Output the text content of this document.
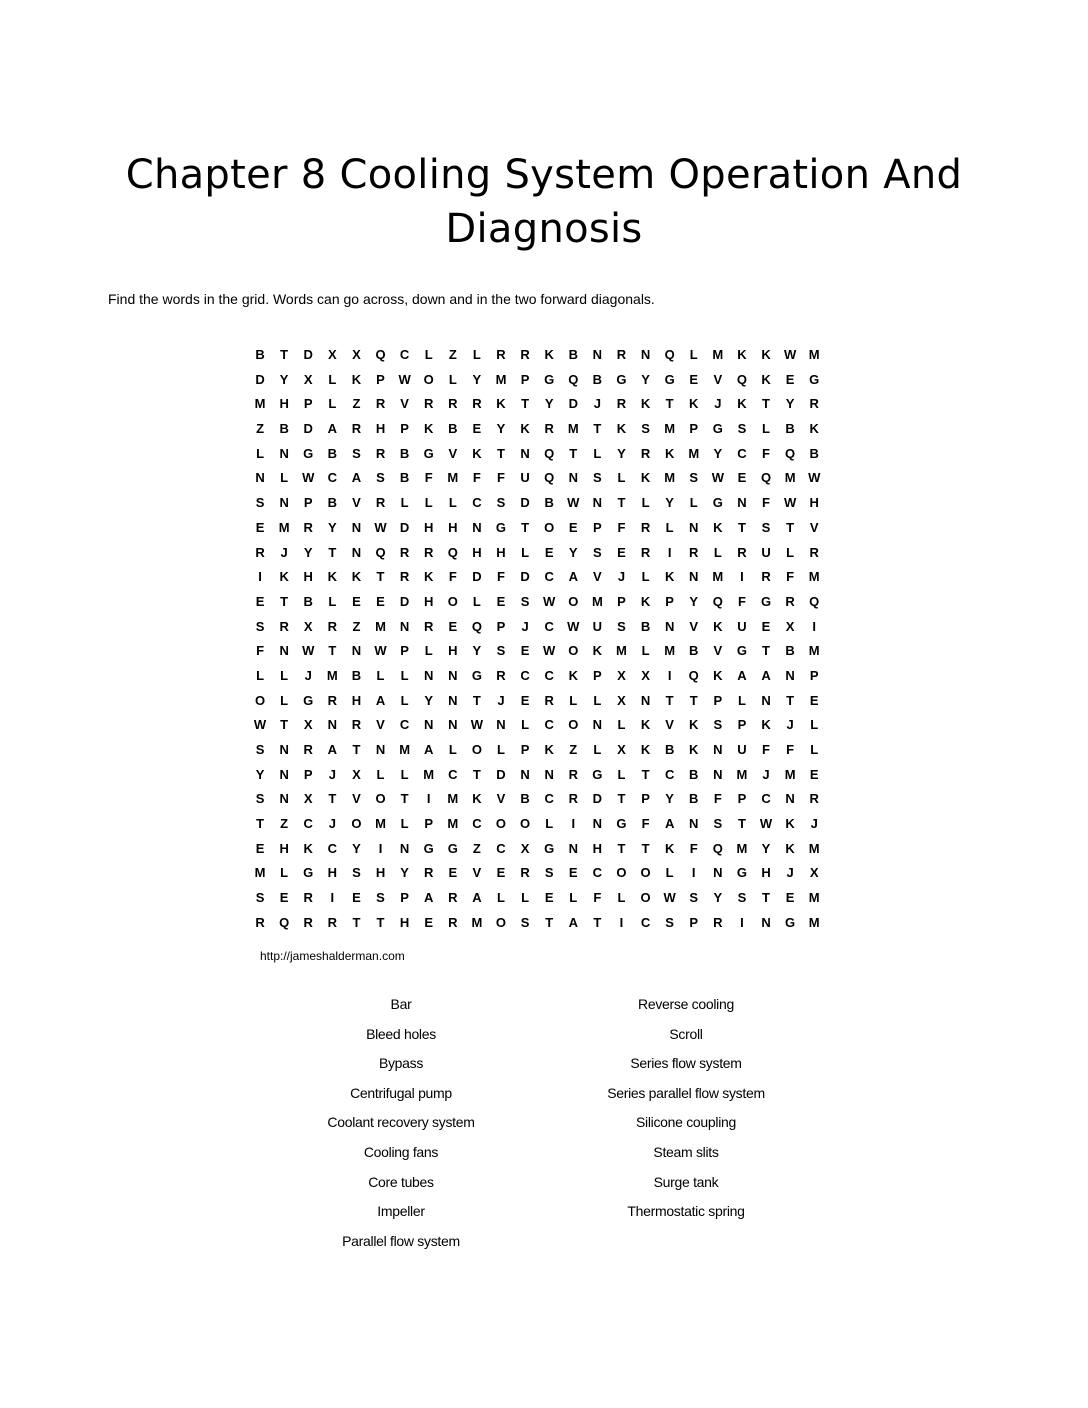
Chapter 8 Cooling System Operation And Diagnosis
Find the words in the grid. Words can go across, down and in the two forward diagonals.
B	T	D	X	X	Q	C	L	Z	L	R	R	K	B	N	R	N	Q	L	M	K	K	W M
D	Y	X	L	K	P	W O	L	Y	M	P	G	Q	B	G	Y	G	E	V	Q	K	E	G
M	H	P	L	Z	R	V	R	R	R	K	T	Y	D	J	R	K	T	K	J	K	T	Y	R
Z	B	D	A	R	H	P	K	B	E	Y	K	R	M	T	K	S	M	P	G	S	L	B	K
L	N	G	B	S	R	B	G	V	K	T	N	Q	T	L	Y	R	K	M	Y	C	F	Q	B
N	L	W	C	A	S	B	F	M	F	F	U	Q	N	S	L	K	M	S	W	E	Q	M W
S	N	P	B	V	R	L	L	L	C	S	D	B	W	N	T	L	Y	L	G	N	F	W	H
E	M	R	Y	N	W	D	H	H	N	G	T	O	E	P	F	R	L	N	K	T	S	T	V
R	J	Y	T	N	Q	R	R	Q	H	H	L	E	Y	S	E	R	I	R	L	R	U	L	R
I	K	H	K	K	T	R	K	F	D	F	D	C	A	V	J	L	K	N	M	I	R	F	M
E	T	B	L	E	E	D	H	O	L	E	S	W O	M	P	K	P	Y	Q	F	G	R	Q
S	R	X	R	Z	M	N	R	E	Q	P	J	C	W	U	S	B	N	V	K	U	E	X	I
F	N	W	T	N	W	P	L	H	Y	S	E	W O	K	M	L	M	B	V	G	T	B	M
L	L	J	M	B	L	L	N	N	G	R	C	C	K	P	X	X	I	Q	K	A	A	N	P
O	L	G	R	H	A	L	Y	N	T	J	E	R	L	L	X	N	T	T	P	L	N	T	E
W	T	X	N	R	V	C	N	N	W	N	L	C	O	N	L	K	V	K	S	P	K	J	L
S	N	R	A	T	N	M	A	L	O	L	P	K	Z	L	X	K	B	K	N	U	F	F	L
Y	N	P	J	X	L	L	M	C	T	D	N	N	R	G	L	T	C	B	N	M	J	M	E
S	N	X	T	V	O	T	I	M	K	V	B	C	R	D	T	P	Y	B	F	P	C	N	R
T	Z	C	J	O	M	L	P	M	C	O	O	L	I	N	G	F	A	N	S	T	W	K	J
E	H	K	C	Y	I	N	G	G	Z	C	X	G	N	H	T	T	K	F	Q	M	Y	K	M
M	L	G	H	S	H	Y	R	E	V	E	R	S	E	C	O	O	L	I	N	G	H	J	X
S	E	R	I	E	S	P	A	R	A	L	L	E	L	F	L	O W	S	Y	S	T	E	M
R	Q	R	R	T	T	H	E	R	M	O	S	T	A	T	I	C	S	P	R	I	N	G	M
http://jameshalderman.com
Bar
Bleed holes
Bypass
Centrifugal pump
Coolant recovery system
Cooling fans
Core tubes
Impeller
Parallel flow system
Reverse cooling
Scroll
Series flow system
Series parallel flow system
Silicone coupling
Steam slits
Surge tank
Thermostatic spring
